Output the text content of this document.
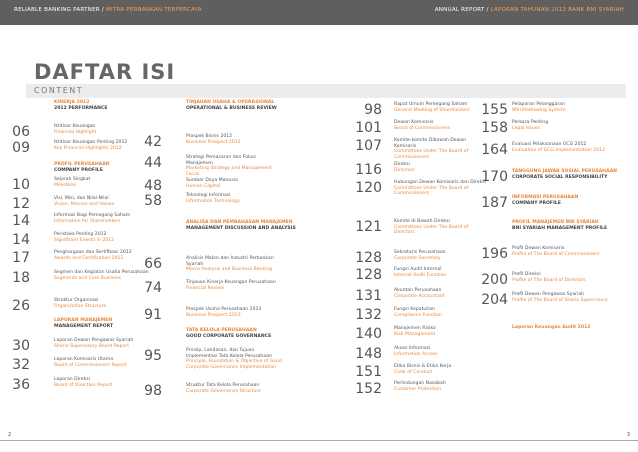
RELIABLE BANKING PARTNER / MITRA PERBANKAN TERPERCAYA	ANNUAL REPORT / LAPORAN TAHUNAN 2012 BANK BNI SYARIAH
DAFTAR ISI
CONTENT
KINERJA 2012
2012 PERFORMANCE
06	Ikhtisar Keuangan
Financial Highlight
09	Ikhtisar Keuangan Penting 2012
Key Financial Highlights 2012
PROFIL PERUSAHAAN
COMPANY PROFILE
10	Sejarah Singkat
Milestone
12	Visi, Misi, dan Nilai-Nilai
Vision, Mission and Values
14	Informasi Bagi Pemegang Saham
Information for Shareholders
14	Peristiwa Penting 2012
Significant Events in 2012
17	Penghargaan dan Sertifikasi 2012
Awards and Certification 2012
18	Segmen dan Kegiatan Usaha Perusahaan
Segments and Core Business
26	Struktur Organisasi
Organization Structure
LAPORAN MANAJEMEN
MANAGEMENT REPORT
30	Laporan Dewan Pengawas Syariah
Sharia Supervisory Board Report
32	Laporan Komisaris Utama
Board of Commissioners Report
36	Laporan Direksi
Board of Directors Report
TINJAUAN USAHA & OPERASIONAL
OPERATIONAL & BUSINESS REVIEW
42	Prospek Bisnis 2012
Business Prospect 2012
44	Strategi Pemasaran dan Fokus Manajemen
Marketing Strategy and Management Focus
48	Sumber Daya Manusia
Human Capital
58	Teknologi Informasi
Information Technology
ANALISA DAN PEMBAHASAN MANAJEMEN
MANAGEMENT DISCUSSION AND ANALYSIS
66	Analisis Makro dan Industri Perbankan Syariah
Macro Analysis and Business Banking
74	Tinjauan Kinerja Keuangan Perusahaan
Financial Review
91	Prospek Usaha Perusahaan 2013
Business Prospect 2013
TATA KELOLA PERUSAHAAN
GOOD CORPORATE GOVERNANCE
95	Prinsip, Landasan, dan Tujuan Implementasi Tata Kelola Perusahaan
Principle, Foundation & Objective of Good Corporate Governance Implementation
98	Struktur Tata Kelola Perusahaan
Corporate Governance Structure
98	Rapat Umum Pemegang Saham
General Meeting of Shareholders
101	Dewan Komisaris
Board of Commissioners
107	Komite-komite Dibawah Dewan Komisaris
Committees Under The Board of Commissioners
116	Direksi
Directors
120	Hubungan Dewan Komisaris dan Direksi
Committees Under The Board of Commissioners
121	Komite di Bawah Direksi
Committees Under The Board of Directors
128	Sekretaris Perusahaan
Corporate Secretary
128	Fungsi Audit Internal
Internal Audit Function
131	Akuntan Perusahaan
Corporate Accountant
132	Fungsi Kepatuhan
Compliance Function
140	Manajemen Risiko
Risk Management
148	Akses Informasi
Information Access
151	Etika Bisnis & Etika Kerja
Code of Conduct
152	Perlindungan Nasabah
Customer Protection
155 Pelaporan Pelanggaran
Whistleblowing System
158 Perkara Penting
Legal Issues
164 Evaluasi Pelaksanaan GCG 2012
Evaluation of GCG Implementation 2012
170 TANGGUNG JAWAB SOSIAL PERUSAHAAN
CORPORATE SOCIAL RESPONSIBILITY
187 INFORMASI PERUSAHAAN
COMPANY PROFILE
PROFIL MANAJEMEN BNI SYARIAH
BNI SYARIAH MANAGEMENT PROFILE
196 Profil Dewan Komisaris
Profile of The Board of Commissioners
200 Profil Direksi
Profile of The Board of Directors
204 Profil Dewan Pengawas Syariah
Profile of The Board of Sharia Supervisory
Laporan Keuangan Audit 2012
2	3
